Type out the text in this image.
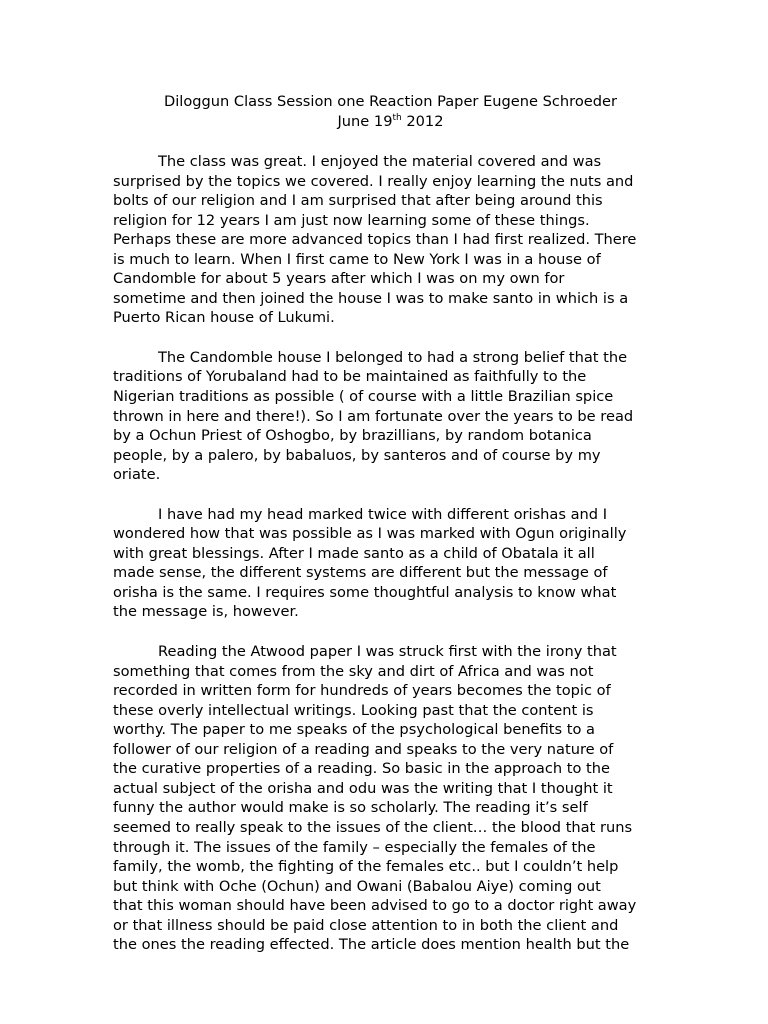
Diloggun Class Session one Reaction Paper Eugene Schroeder

June 19th 2012

The class was great. I enjoyed the material covered and was
surprised by the topics we covered. I really enjoy learning the nuts and
bolts of our religion and I am surprised that after being around this
religion for 12 years I am just now learning some of these things.
Perhaps these are more advanced topics than I had first realized. There
is much to learn. When I first came to New York I was in a house of
Candomble for about 5 years after which I was on my own for
sometime and then joined the house I was to make santo in which is a
Puerto Rican house of Lukumi.
The Candomble house I belonged to had a strong belief that the
traditions of Yorubaland had to be maintained as faithfully to the
Nigerian traditions as possible ( of course with a little Brazilian spice
thrown in here and there!). So I am fortunate over the years to be read
by a Ochun Priest of Oshogbo, by brazillians, by random botanica
people, by a palero, by babaluos, by santeros and of course by my
oriate.
I have had my head marked twice with different orishas and I
wondered how that was possible as I was marked with Ogun originally
with great blessings. After I made santo as a child of Obatala it all
made sense, the different systems are different but the message of
orisha is the same. I requires some thoughtful analysis to know what
the message is, however.
Reading the Atwood paper I was struck first with the irony that
something that comes from the sky and dirt of Africa and was not
recorded in written form for hundreds of years becomes the topic of
these overly intellectual writings. Looking past that the content is
worthy. The paper to me speaks of the psychological benefits to a
follower of our religion of a reading and speaks to the very nature of
the curative properties of a reading. So basic in the approach to the
actual subject of the orisha and odu was the writing that I thought it
funny the author would make is so scholarly. The reading it’s self
seemed to really speak to the issues of the client… the blood that runs
through it. The issues of the family – especially the females of the
family, the womb, the fighting of the females etc.. but I couldn’t help
but think with Oche (Ochun) and Owani (Babalou Aiye) coming out
that this woman should have been advised to go to a doctor right away
or that illness should be paid close attention to in both the client and
the ones the reading effected. The article does mention health but the
